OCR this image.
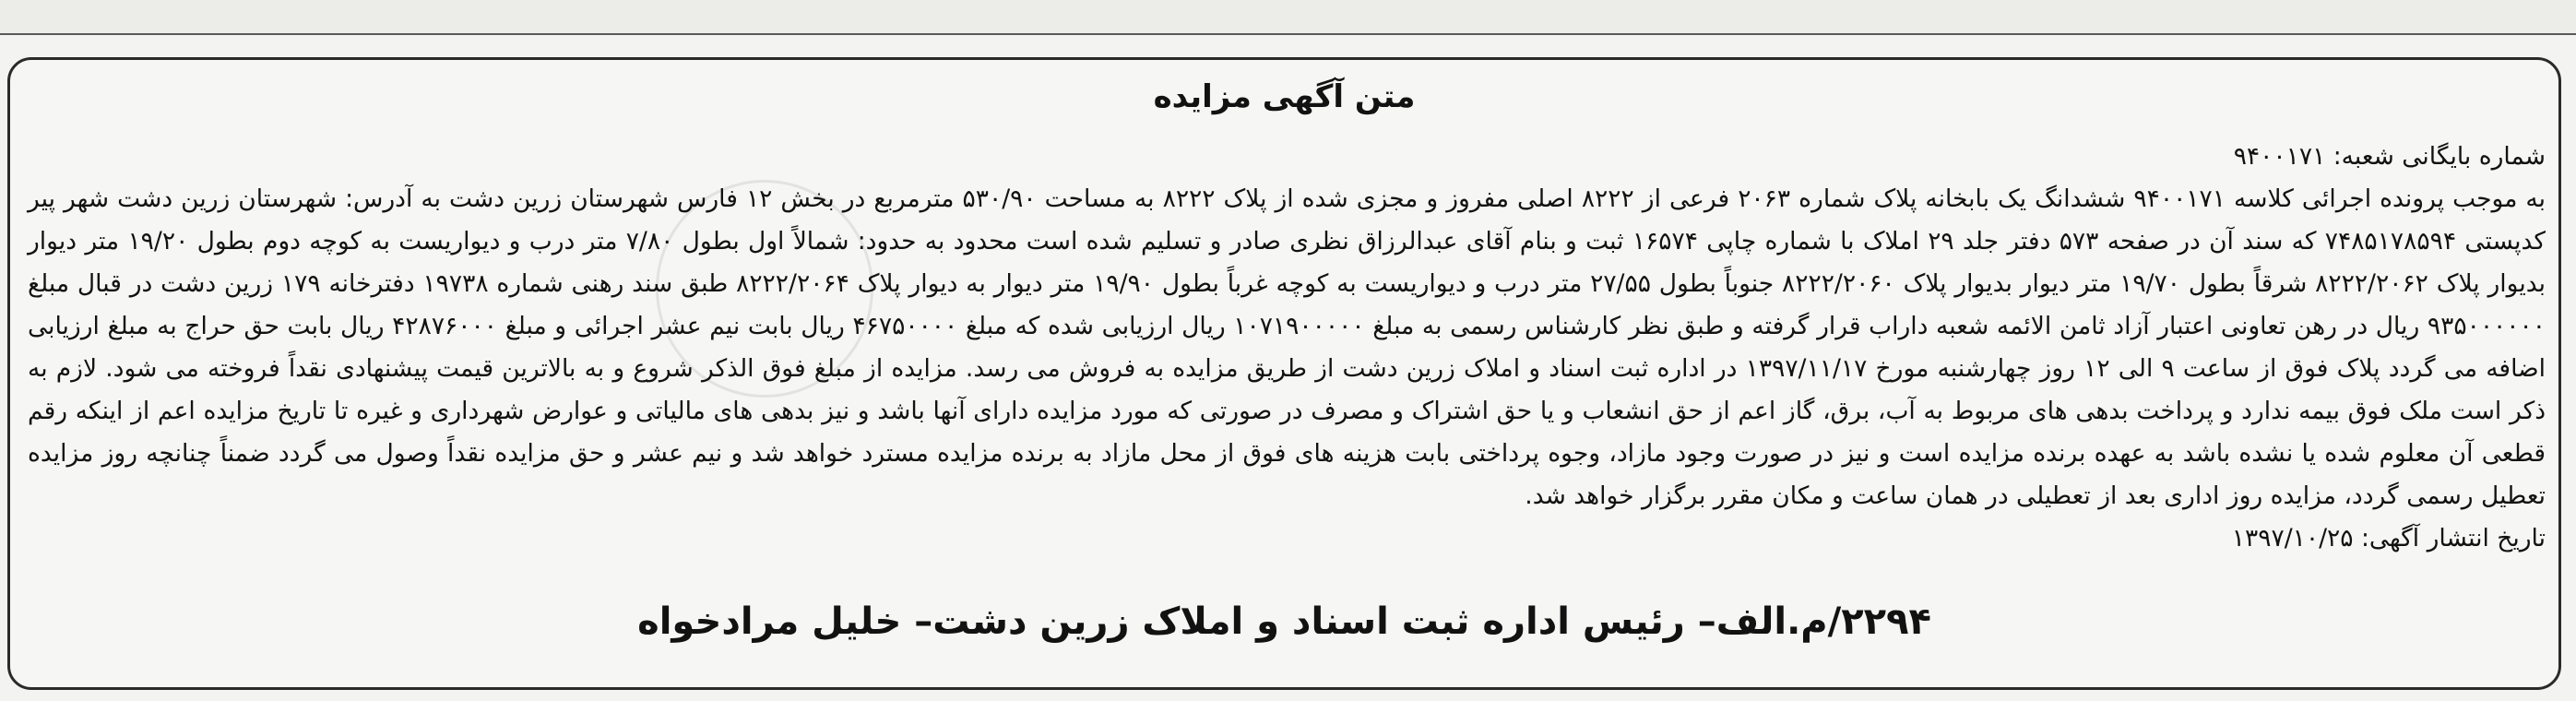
متن آگهی مزایده

شماره بایگانی شعبه: ۹۴۰۰۱۷۱

به موجب پرونده اجرائی کلاسه ۹۴۰۰۱۷۱ ششدانگ یک بابخانه پلاک شماره ۲۰۶۳ فرعی از ۸۲۲۲ اصلی مفروز و مجزی شده از پلاک ۸۲۲۲ به مساحت ۵۳۰/۹۰ مترمربع در بخش ۱۲ فارس شهرستان زرین دشت به آدرس: شهرستان زرین دشت شهر پیر کدپستی ۷۴۸۵۱۷۸۵۹۴ که سند آن در صفحه ۵۷۳ دفتر جلد ۲۹ املاک با شماره چاپی ۱۶۵۷۴ ثبت و بنام آقای عبدالرزاق نظری صادر و تسلیم شده است محدود به حدود: شمالاً اول بطول ۷/۸۰ متر درب و دیواریست به کوچه دوم بطول ۱۹/۲۰ متر دیوار بدیوار پلاک ۸۲۲۲/۲۰۶۲ شرقاً بطول ۱۹/۷۰ متر دیوار بدیوار پلاک ۸۲۲۲/۲۰۶۰ جنوباً بطول ۲۷/۵۵ متر درب و دیواریست به کوچه غرباً بطول ۱۹/۹۰ متر دیوار به دیوار پلاک ۸۲۲۲/۲۰۶۴ طبق سند رهنی شماره ۱۹۷۳۸ دفترخانه ۱۷۹ زرین دشت در قبال مبلغ ۹۳۵۰۰۰۰۰۰ ریال در رهن تعاونی اعتبار آزاد ثامن الائمه شعبه داراب قرار گرفته و طبق نظر کارشناس رسمی به مبلغ ۱۰۷۱۹۰۰۰۰۰ ریال ارزیابی شده که مبلغ ۴۶۷۵۰۰۰۰ ریال بابت نیم عشر اجرائی و مبلغ ۴۲۸۷۶۰۰۰ ریال بابت حق حراج به مبلغ ارزیابی اضافه می گردد پلاک فوق از ساعت ۹ الی ۱۲ روز چهارشنبه مورخ ۱۳۹۷/۱۱/۱۷ در اداره ثبت اسناد و املاک زرین دشت از طریق مزایده به فروش می رسد. مزایده از مبلغ فوق الذکر شروع و به بالاترین قیمت پیشنهادی نقداً فروخته می شود. لازم به ذکر است ملک فوق بیمه ندارد و پرداخت بدهی های مربوط به آب، برق، گاز اعم از حق انشعاب و یا حق اشتراک و مصرف در صورتی که مورد مزایده دارای آنها باشد و نیز بدهی های مالیاتی و عوارض شهرداری و غیره تا تاریخ مزایده اعم از اینکه رقم قطعی آن معلوم شده یا نشده باشد به عهده برنده مزایده است و نیز در صورت وجود مازاد، وجوه پرداختی بابت هزینه های فوق از محل مازاد به برنده مزایده مسترد خواهد شد و نیم عشر و حق مزایده نقداً وصول می گردد ضمناً چنانچه روز مزایده تعطیل رسمی گردد، مزایده روز اداری بعد از تعطیلی در همان ساعت و مکان مقرر برگزار خواهد شد.

تاریخ انتشار آگهی: ۱۳۹۷/۱۰/۲۵

۲۲۹۴/م.الف– رئیس اداره ثبت اسناد و املاک زرین دشت– خلیل مرادخواه
